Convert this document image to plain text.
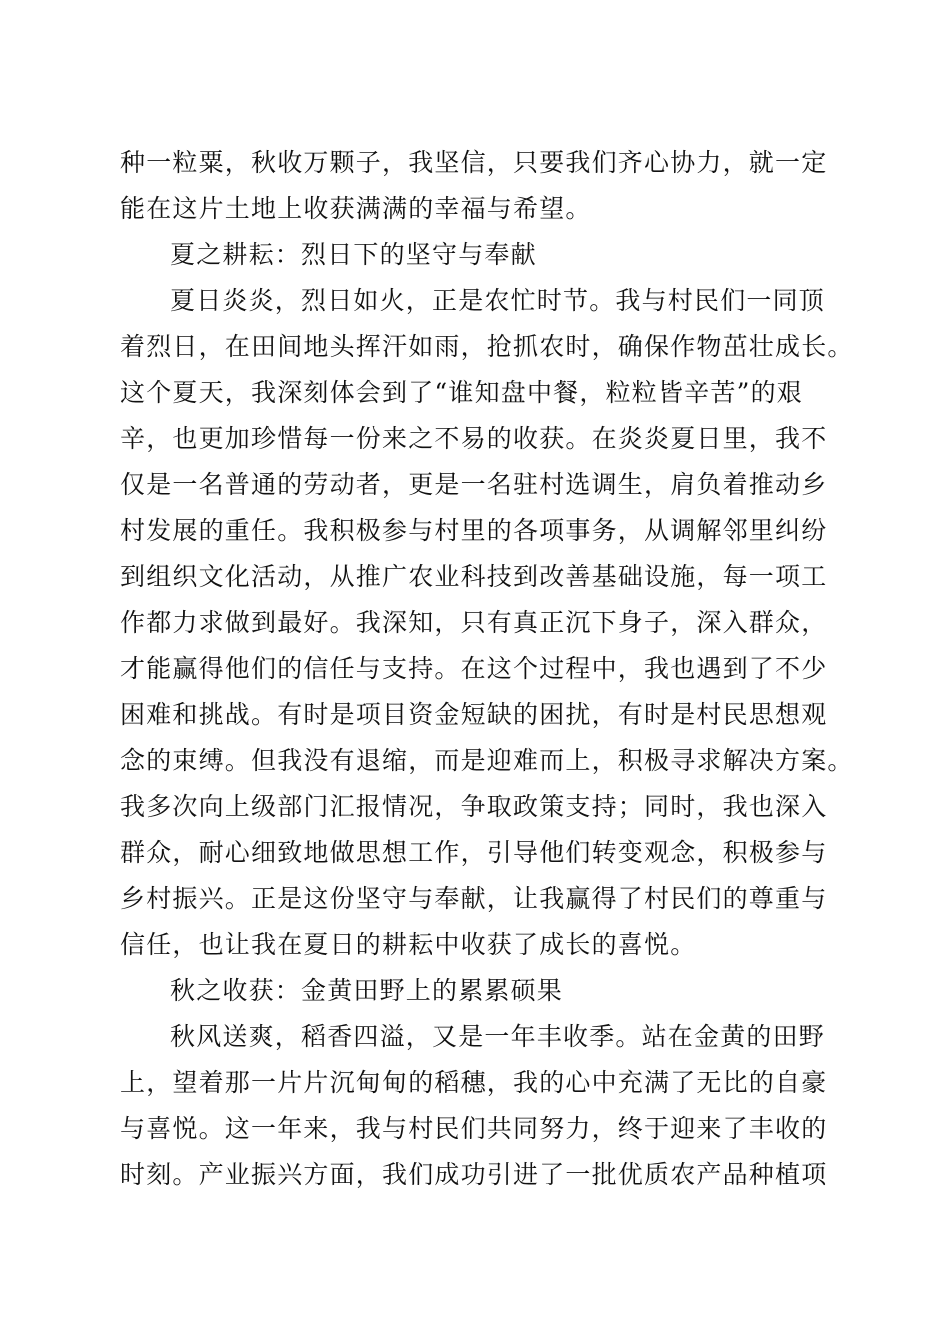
种一粒粟，秋收万颗子，我坚信，只要我们齐心协力，就一定
能在这片土地上收获满满的幸福与希望。
夏之耕耘：烈日下的坚守与奉献
夏日炎炎，烈日如火，正是农忙时节。我与村民们一同顶
着烈日，在田间地头挥汗如雨，抢抓农时，确保作物茁壮成长。
这个夏天，我深刻体会到了“谁知盘中餐，粒粒皆辛苦”的艰
辛，也更加珍惜每一份来之不易的收获。在炎炎夏日里，我不
仅是一名普通的劳动者，更是一名驻村选调生，肩负着推动乡
村发展的重任。我积极参与村里的各项事务，从调解邻里纠纷
到组织文化活动，从推广农业科技到改善基础设施，每一项工
作都力求做到最好。我深知，只有真正沉下身子，深入群众，
才能赢得他们的信任与支持。在这个过程中，我也遇到了不少
困难和挑战。有时是项目资金短缺的困扰，有时是村民思想观
念的束缚。但我没有退缩，而是迎难而上，积极寻求解决方案。
我多次向上级部门汇报情况，争取政策支持；同时，我也深入
群众，耐心细致地做思想工作，引导他们转变观念，积极参与
乡村振兴。正是这份坚守与奉献，让我赢得了村民们的尊重与
信任，也让我在夏日的耕耘中收获了成长的喜悦。
秋之收获：金黄田野上的累累硕果
秋风送爽，稻香四溢，又是一年丰收季。站在金黄的田野
上，望着那一片片沉甸甸的稻穗，我的心中充满了无比的自豪
与喜悦。这一年来，我与村民们共同努力，终于迎来了丰收的
时刻。产业振兴方面，我们成功引进了一批优质农产品种植项
